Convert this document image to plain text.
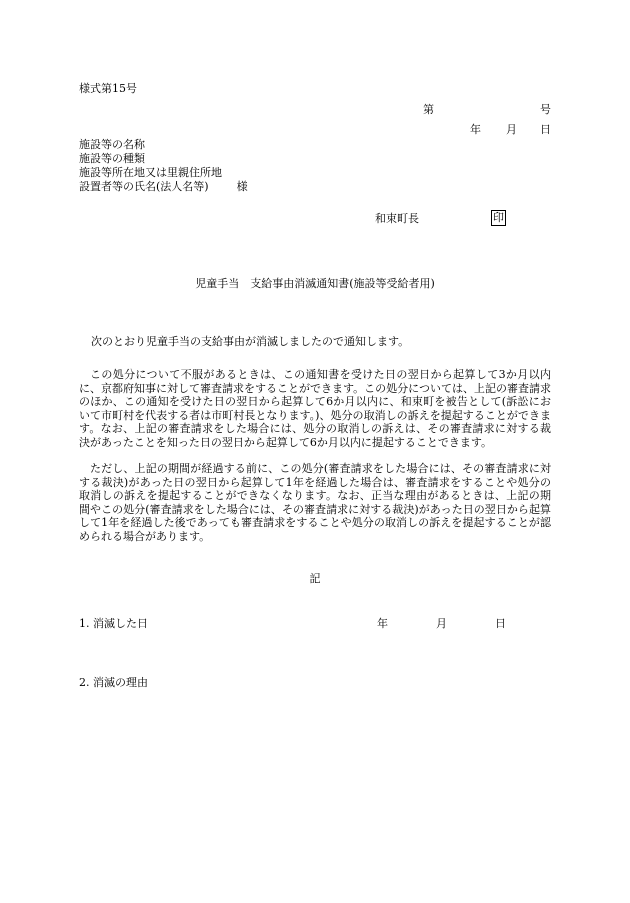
様式第15号
第	号
年 月 日
施設等の名称
施設等の種類
施設等所在地又は里親住所地
設置者等の氏名(法人名等)	様
和束町長	印
児童手当　支給事由消滅通知書(施設等受給者用)
次のとおり児童手当の支給事由が消滅しましたので通知します。
この処分について不服があるときは、この通知書を受けた日の翌日から起算して3か月以内に、京都府知事に対して審査請求をすることができます。この処分については、上記の審査請求のほか、この通知を受けた日の翌日から起算して6か月以内に、和束町を被告として(訴訟において市町村を代表する者は市町村長となります。)、処分の取消しの訴えを提起することができます。なお、上記の審査請求をした場合には、処分の取消しの訴えは、その審査請求に対する裁決があったことを知った日の翌日から起算して6か月以内に提起することできます。
ただし、上記の期間が経過する前に、この処分(審査請求をした場合には、その審査請求に対する裁決)があった日の翌日から起算して1年を経過した場合は、審査請求をすることや処分の取消しの訴えを提起することができなくなります。なお、正当な理由があるときは、上記の期間やこの処分(審査請求をした場合には、その審査請求に対する裁決)があった日の翌日から起算して1年を経過した後であっても審査請求をすることや処分の取消しの訴えを提起することが認められる場合があります。
記
1. 消滅した日	年	月	日
2. 消滅の理由
